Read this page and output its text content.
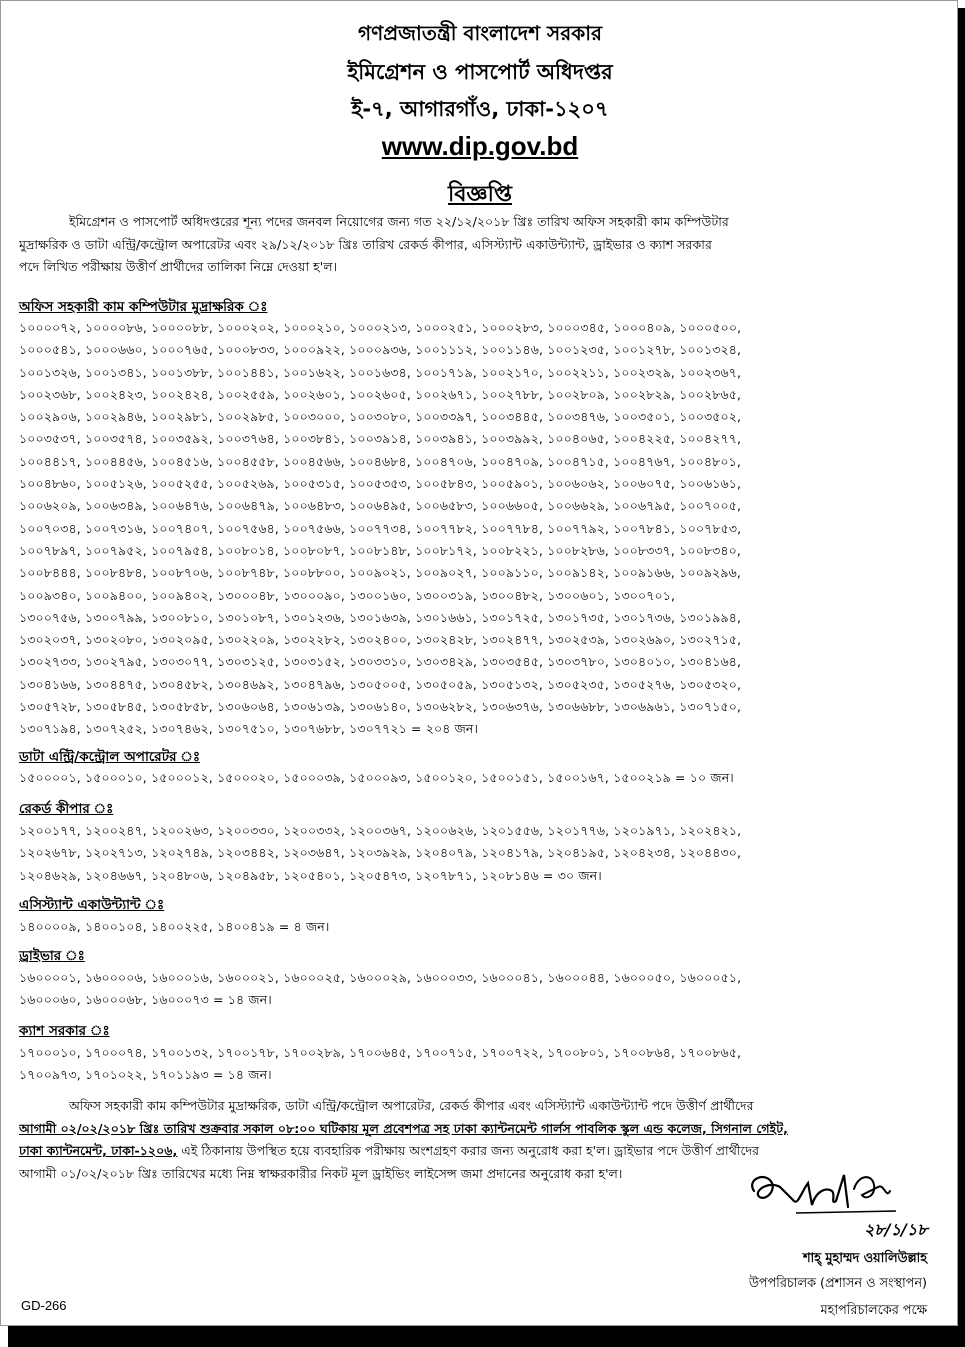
গণপ্রজাতন্ত্রী বাংলাদেশ সরকার
ইমিগ্রেশন ও পাসপোর্ট অধিদপ্তর
ই-৭, আগারগাঁও, ঢাকা-১২০৭
www.dip.gov.bd
বিজ্ঞপ্তি
ইমিগ্রেশন ও পাসপোর্ট অধিদপ্তরের শূন্য পদের জনবল নিয়োগের জন্য গত ২২/১২/২০১৮ খ্রিঃ তারিখ অফিস সহকারী কাম কম্পিউটার
মুদ্রাক্ষরিক ও ডাটা এন্ট্রি/কন্ট্রোল অপারেটর এবং ২৯/১২/২০১৮ খ্রিঃ তারিখ রেকর্ড কীপার, এসিস্ট্যান্ট একাউন্ট্যান্ট, ড্রাইভার ও ক্যাশ সরকার
পদে লিখিত পরীক্ষায় উত্তীর্ণ প্রার্থীদের তালিকা নিম্নে দেওয়া হ'ল।
অফিস সহকারী কাম কম্পিউটার মুদ্রাক্ষরিক ঃ
১০০০০৭২, ১০০০০৮৬, ১০০০০৮৮, ১০০০২০২, ১০০০২১০, ১০০০২১৩, ১০০০২৫১, ১০০০২৮৩, ১০০০৩৪৫, ১০০০৪০৯, ১০০০৫০০,
১০০০৫৪১, ১০০০৬৬০, ১০০০৭৬৫, ১০০০৮৩৩, ১০০০৯২২, ১০০০৯৩৬, ১০০১১১২, ১০০১১৪৬, ১০০১২৩৫, ১০০১২৭৮, ১০০১৩২৪,
১০০১৩২৬, ১০০১৩৪১, ১০০১৩৮৮, ১০০১৪৪১, ১০০১৬২২, ১০০১৬৩৪, ১০০১৭১৯, ১০০২১৭০, ১০০২২১১, ১০০২৩২৯, ১০০২৩৬৭,
১০০২৩৬৮, ১০০২৪২৩, ১০০২৪২৪, ১০০২৫৫৯, ১০০২৬০১, ১০০২৬০৫, ১০০২৬৭১, ১০০২৭৮৮, ১০০২৮০৯, ১০০২৮২৯, ১০০২৮৬৫,
১০০২৯০৬, ১০০২৯৪৬, ১০০২৯৮১, ১০০২৯৮৫, ১০০৩০০০, ১০০৩০৮০, ১০০৩৩৯৭, ১০০৩৪৪৫, ১০০৩৪৭৬, ১০০৩৫০১, ১০০৩৫০২,
১০০৩৫৩৭, ১০০৩৫৭৪, ১০০৩৫৯২, ১০০৩৭৬৪, ১০০৩৮৪১, ১০০৩৯১৪, ১০০৩৯৪১, ১০০৩৯৯২, ১০০৪০৬৫, ১০০৪২২৫, ১০০৪২৭৭,
১০০৪৪১৭, ১০০৪৪৫৬, ১০০৪৫১৬, ১০০৪৫৫৮, ১০০৪৫৬৬, ১০০৪৬৮৪, ১০০৪৭০৬, ১০০৪৭০৯, ১০০৪৭১৫, ১০০৪৭৬৭, ১০০৪৮০১,
১০০৪৮৬০, ১০০৫১২৬, ১০০৫২৫৫, ১০০৫২৬৯, ১০০৫৩১৫, ১০০৫৩৫৩, ১০০৫৮৪৩, ১০০৫৯০১, ১০০৬০৬২, ১০০৬০৭৫, ১০০৬১৬১,
১০০৬২০৯, ১০০৬৩৪৯, ১০০৬৪৭৬, ১০০৬৪৭৯, ১০০৬৪৮৩, ১০০৬৪৯৫, ১০০৬৫৮৩, ১০০৬৬০৫, ১০০৬৬২৯, ১০০৬৭৯৫, ১০০৭০০৫,
১০০৭০৩৪, ১০০৭৩১৬, ১০০৭৪০৭, ১০০৭৫৬৪, ১০০৭৫৬৬, ১০০৭৭৩৪, ১০০৭৭৮২, ১০০৭৭৮৪, ১০০৭৭৯২, ১০০৭৮৪১, ১০০৭৮৫৩,
১০০৭৮৯৭, ১০০৭৯৫২, ১০০৭৯৫৪, ১০০৮০১৪, ১০০৮০৮৭, ১০০৮১৪৮, ১০০৮১৭২, ১০০৮২২১, ১০০৮২৮৬, ১০০৮৩৩৭, ১০০৮৩৪০,
১০০৮৪৪৪, ১০০৮৪৮৪, ১০০৮৭০৬, ১০০৮৭৪৮, ১০০৮৮০০, ১০০৯০২১, ১০০৯০২৭, ১০০৯১১০, ১০০৯১৪২, ১০০৯১৬৬, ১০০৯২৯৬,
১০০৯৩৪০, ১০০৯৪০০, ১০০৯৪০২, ১৩০০০৪৮, ১৩০০০৯০, ১৩০০১৬০, ১৩০০৩১৯, ১৩০০৪৮২, ১৩০০৬০১, ১৩০০৭০১,
১৩০০৭৫৬, ১৩০০৭৯৯, ১৩০০৮১০, ১৩০১০৮৭, ১৩০১২৩৬, ১৩০১৬৩৯, ১৩০১৬৬১, ১৩০১৭২৫, ১৩০১৭৩৫, ১৩০১৭৩৬, ১৩০১৯৯৪,
১৩০২০৩৭, ১৩০২০৮০, ১৩০২০৯৫, ১৩০২২০৯, ১৩০২২৮২, ১৩০২৪০০, ১৩০২৪২৮, ১৩০২৪৭৭, ১৩০২৫৩৯, ১৩০২৬৯০, ১৩০২৭১৫,
১৩০২৭৩৩, ১৩০২৭৯৫, ১৩০৩০৭৭, ১৩০৩১২৫, ১৩০৩১৫২, ১৩০৩৩১০, ১৩০৩৪২৯, ১৩০৩৫৪৫, ১৩০৩৭৮০, ১৩০৪০১০, ১৩০৪১৬৪,
১৩০৪১৬৬, ১৩০৪৪৭৫, ১৩০৪৫৮২, ১৩০৪৬৯২, ১৩০৪৭৯৬, ১৩০৫০০৫, ১৩০৫০৫৯, ১৩০৫১৩২, ১৩০৫২৩৫, ১৩০৫২৭৬, ১৩০৫৩২০,
১৩০৫৭২৮, ১৩০৫৮৪৫, ১৩০৫৮৫৮, ১৩০৬০৬৪, ১৩০৬১৩৯, ১৩০৬১৪০, ১৩০৬২৮২, ১৩০৬৩৭৬, ১৩০৬৬৮৮, ১৩০৬৯৬১, ১৩০৭১৫০,
১৩০৭১৯৪, ১৩০৭২৫২, ১৩০৭৪৬২, ১৩০৭৫১০, ১৩০৭৬৮৮, ১৩০৭৭২১ = ২০৪ জন।
ডাটা এন্ট্রি/কন্ট্রোল অপারেটর ঃ
১৫০০০০১, ১৫০০০১০, ১৫০০০১২, ১৫০০০২০, ১৫০০০৩৯, ১৫০০০৯৩, ১৫০০১২০, ১৫০০১৫১, ১৫০০১৬৭, ১৫০০২১৯ = ১০ জন।
রেকর্ড কীপার ঃ
১২০০১৭৭, ১২০০২৪৭, ১২০০২৬৩, ১২০০৩৩০, ১২০০৩৩২, ১২০০৩৬৭, ১২০০৬২৬, ১২০১৫৫৬, ১২০১৭৭৬, ১২০১৯৭১, ১২০২৪২১,
১২০২৬৭৮, ১২০২৭১৩, ১২০২৭৪৯, ১২০৩৪৪২, ১২০৩৬৪৭, ১২০৩৯২৯, ১২০৪০৭৯, ১২০৪১৭৯, ১২০৪১৯৫, ১২০৪২৩৪, ১২০৪৪৩০,
১২০৪৬২৯, ১২০৪৬৬৭, ১২০৪৮০৬, ১২০৪৯৫৮, ১২০৫৪০১, ১২০৫৪৭৩, ১২০৭৮৭১, ১২০৮১৪৬ = ৩০ জন।
এসিস্ট্যান্ট একাউন্ট্যান্ট ঃ
১৪০০০০৯, ১৪০০১০৪, ১৪০০২২৫, ১৪০০৪১৯ = ৪ জন।
ড্রাইভার ঃ
১৬০০০০১, ১৬০০০০৬, ১৬০০০১৬, ১৬০০০২১, ১৬০০০২৫, ১৬০০০২৯, ১৬০০০৩৩, ১৬০০০৪১, ১৬০০০৪৪, ১৬০০০৫০, ১৬০০০৫১,
১৬০০০৬০, ১৬০০০৬৮, ১৬০০০৭৩ = ১৪ জন।
ক্যাশ সরকার ঃ
১৭০০০১০, ১৭০০০৭৪, ১৭০০১৩২, ১৭০০১৭৮, ১৭০০২৮৯, ১৭০০৬৪৫, ১৭০০৭১৫, ১৭০০৭২২, ১৭০০৮০১, ১৭০০৮৬৪, ১৭০০৮৬৫,
১৭০০৯৭৩, ১৭০১০২২, ১৭০১১৯৩ = ১৪ জন।
অফিস সহকারী কাম কম্পিউটার মুদ্রাক্ষরিক, ডাটা এন্ট্রি/কন্ট্রোল অপারেটর, রেকর্ড কীপার এবং এসিস্ট্যান্ট একাউন্ট্যান্ট পদে উত্তীর্ণ প্রার্থীদের
আগামী ০২/০২/২০১৮ খ্রিঃ তারিখ শুক্রবার সকাল ০৮:০০ ঘটিকায় মূল প্রবেশপত্র সহ ঢাকা ক্যান্টনমেন্ট গার্লস পাবলিক স্কুল এন্ড কলেজ, সিগনাল গেইট,
ঢাকা ক্যান্টনমেন্ট, ঢাকা-১২০৬, এই ঠিকানায় উপস্থিত হয়ে ব্যবহারিক পরীক্ষায় অংশগ্রহণ করার জন্য অনুরোধ করা হ'ল। ড্রাইভার পদে উত্তীর্ণ প্রার্থীদের
আগামী ০১/০২/২০১৮ খ্রিঃ তারিখের মধ্যে নিম্ন স্বাক্ষরকারীর নিকট মূল ড্রাইভিং লাইসেন্স জমা প্রদানের অনুরোধ করা হ'ল।
২৮/১/১৮
শাহ্ মুহাম্মদ ওয়ালিউল্লাহ
উপপরিচালক (প্রশাসন ও সংস্থাপন)
মহাপরিচালকের পক্ষে
GD-266
